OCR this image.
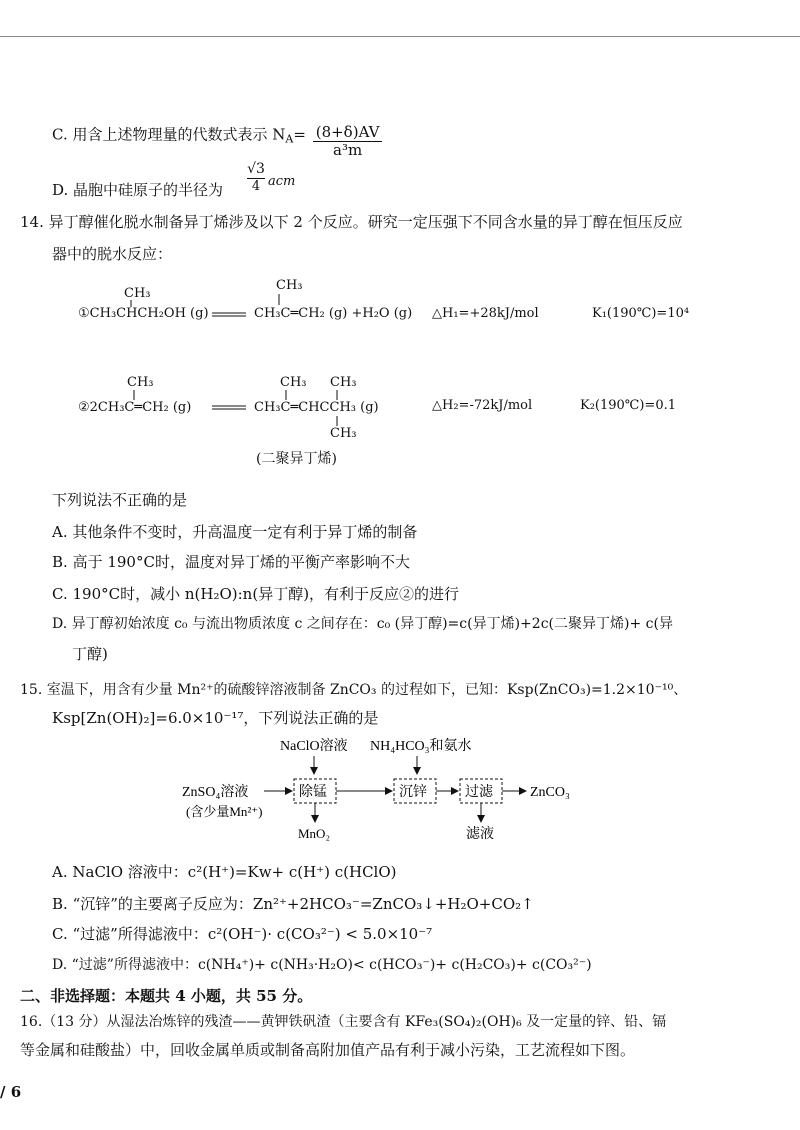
C. 用含上述物理量的代数式表示 $N_A= \frac{(8+\delta)AV}{\text{a³m}}$
D. 晶胞中硅原子的半径为
√3
4 acm
14. 异丁醇催化脱水制备异丁烯涉及以下 2 个反应。研究一定压强下不同含水量的异丁醇在恒压反应
器中的脱水反应：
CH₃
①CH₃CHCH₂OH (g)
CH₃
CH₃C═CH₂ (g) +H₂O (g) △H₁=+28kJ/mol	K₁(190℃)=10⁴
CH₃
②2CH₃C═CH₂ (g)
CH₃ CH₃
CH₃C═CHCCH₃ (g)
CH₃
(二聚异丁烯)
△H₂=-72kJ/mol	K₂(190℃)=0.1
下列说法不正确的是
A. 其他条件不变时，升高温度一定有利于异丁烯的制备
B. 高于 190°C时，温度对异丁烯的平衡产率影响不大
C. 190°C时，减小 n(H₂O):n(异丁醇)，有利于反应②的进行
D. 异丁醇初始浓度 c₀ 与流出物质浓度 c 之间存在：c₀ (异丁醇)=c(异丁烯)+2c(二聚异丁烯)+ c(异
丁醇)
15. 室温下，用含有少量 Mn²⁺的硫酸锌溶液制备 ZnCO₃ 的过程如下，已知：Ksp(ZnCO₃)=1.2×10⁻¹⁰、
Ksp[Zn(OH)₂]=6.0×10⁻¹⁷，下列说法正确的是
NaClO溶液 NH₄HCO₃和氨水
ZnSO₄溶液
(含少量Mn²⁺)
除锰	沉锌	过滤	ZnCO₃
MnO₂	滤液
A. NaClO 溶液中：c²(H⁺)=Kw+ c(H⁺) c(HClO)
B. “沉锌”的主要离子反应为：Zn²⁺+2HCO₃⁻=ZnCO₃↓+H₂O+CO₂↑
C. “过滤”所得滤液中：c²(OH⁻)· c(CO₃²⁻) < 5.0×10⁻⁷
D. “过滤”所得滤液中：c(NH₄⁺)+ c(NH₃·H₂O)< c(HCO₃⁻)+ c(H₂CO₃)+ c(CO₃²⁻)
二、非选择题：本题共 4 小题，共 55 分。
16.（13 分）从湿法冶炼锌的残渣——黄钾铁矾渣（主要含有 KFe₃(SO₄)₂(OH)₆ 及一定量的锌、铅、镉
等金属和硅酸盐）中，回收金属单质或制备高附加值产品有利于减小污染，工艺流程如下图。
/ 6
